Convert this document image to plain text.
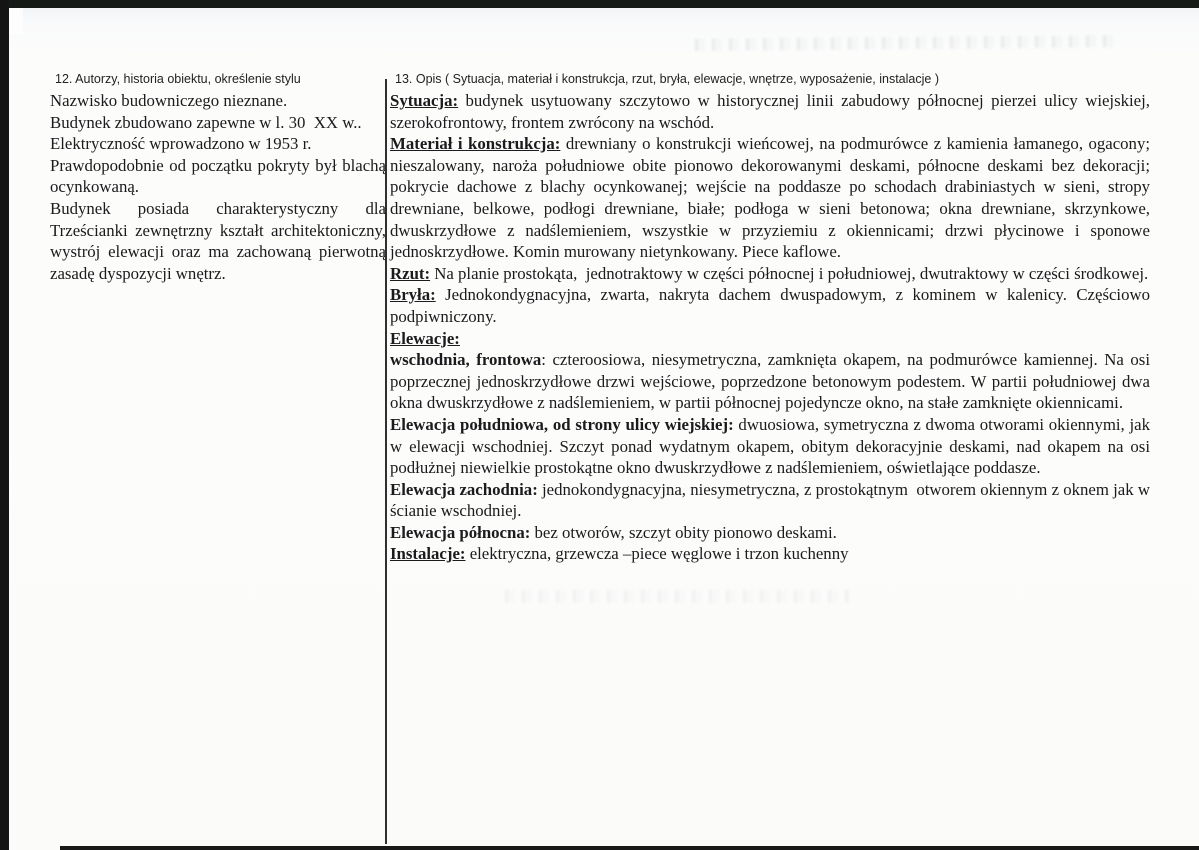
12. Autorzy, historia obiektu, określenie stylu

Nazwisko budowniczego nieznane.

Budynek zbudowano zapewne w l. 30  XX w..

Elektryczność wprowadzono w 1953 r.

Prawdopodobnie od początku pokryty był blachą ocynkowaną.

Budynek posiada charakterystyczny dla Trześcianki zewnętrzny kształt architektoniczny, wystrój elewacji oraz ma zachowaną pierwotną zasadę dyspozycji wnętrz.

13. Opis ( Sytuacja, materiał i konstrukcja, rzut, bryła, elewacje, wnętrze, wyposażenie, instalacje )

Sytuacja: budynek usytuowany szczytowo w historycznej linii zabudowy północnej pierzei ulicy wiejskiej, szerokofrontowy, frontem zwrócony na wschód.

Materiał i konstrukcja: drewniany o konstrukcji wieńcowej, na podmurówce z kamienia łamanego, ogacony; nieszalowany, naroża południowe obite pionowo dekorowanymi deskami, północne deskami bez dekoracji; pokrycie dachowe z blachy ocynkowanej; wejście na poddasze po schodach drabiniastych w sieni, stropy drewniane, belkowe, podłogi drewniane, białe; podłoga w sieni betonowa; okna drewniane, skrzynkowe, dwuskrzydłowe z nadślemieniem, wszystkie w przyziemiu z okiennicami; drzwi płycinowe i sponowe jednoskrzydłowe. Komin murowany nietynkowany. Piece kaflowe.

Rzut: Na planie prostokąta,  jednotraktowy w części północnej i południowej, dwutraktowy w części środkowej.

Bryła: Jednokondygnacyjna, zwarta, nakryta dachem dwuspadowym, z kominem w kalenicy. Częściowo podpiwniczony.

Elewacje:

wschodnia, frontowa: czteroosiowa, niesymetryczna, zamknięta okapem, na podmurówce kamiennej. Na osi poprzecznej jednoskrzydłowe drzwi wejściowe, poprzedzone betonowym podestem. W partii południowej dwa okna dwuskrzydłowe z nadślemieniem, w partii północnej pojedyncze okno, na stałe zamknięte okiennicami.

Elewacja południowa, od strony ulicy wiejskiej: dwuosiowa, symetryczna z dwoma otworami okiennymi, jak w elewacji wschodniej. Szczyt ponad wydatnym okapem, obitym dekoracyjnie deskami, nad okapem na osi podłużnej niewielkie prostokątne okno dwuskrzydłowe z nadślemieniem, oświetlające poddasze.

Elewacja zachodnia: jednokondygnacyjna, niesymetryczna, z prostokątnym  otworem okiennym z oknem jak w ścianie wschodniej.

Elewacja północna: bez otworów, szczyt obity pionowo deskami.

Instalacje: elektryczna, grzewcza –piece węglowe i trzon kuchenny
